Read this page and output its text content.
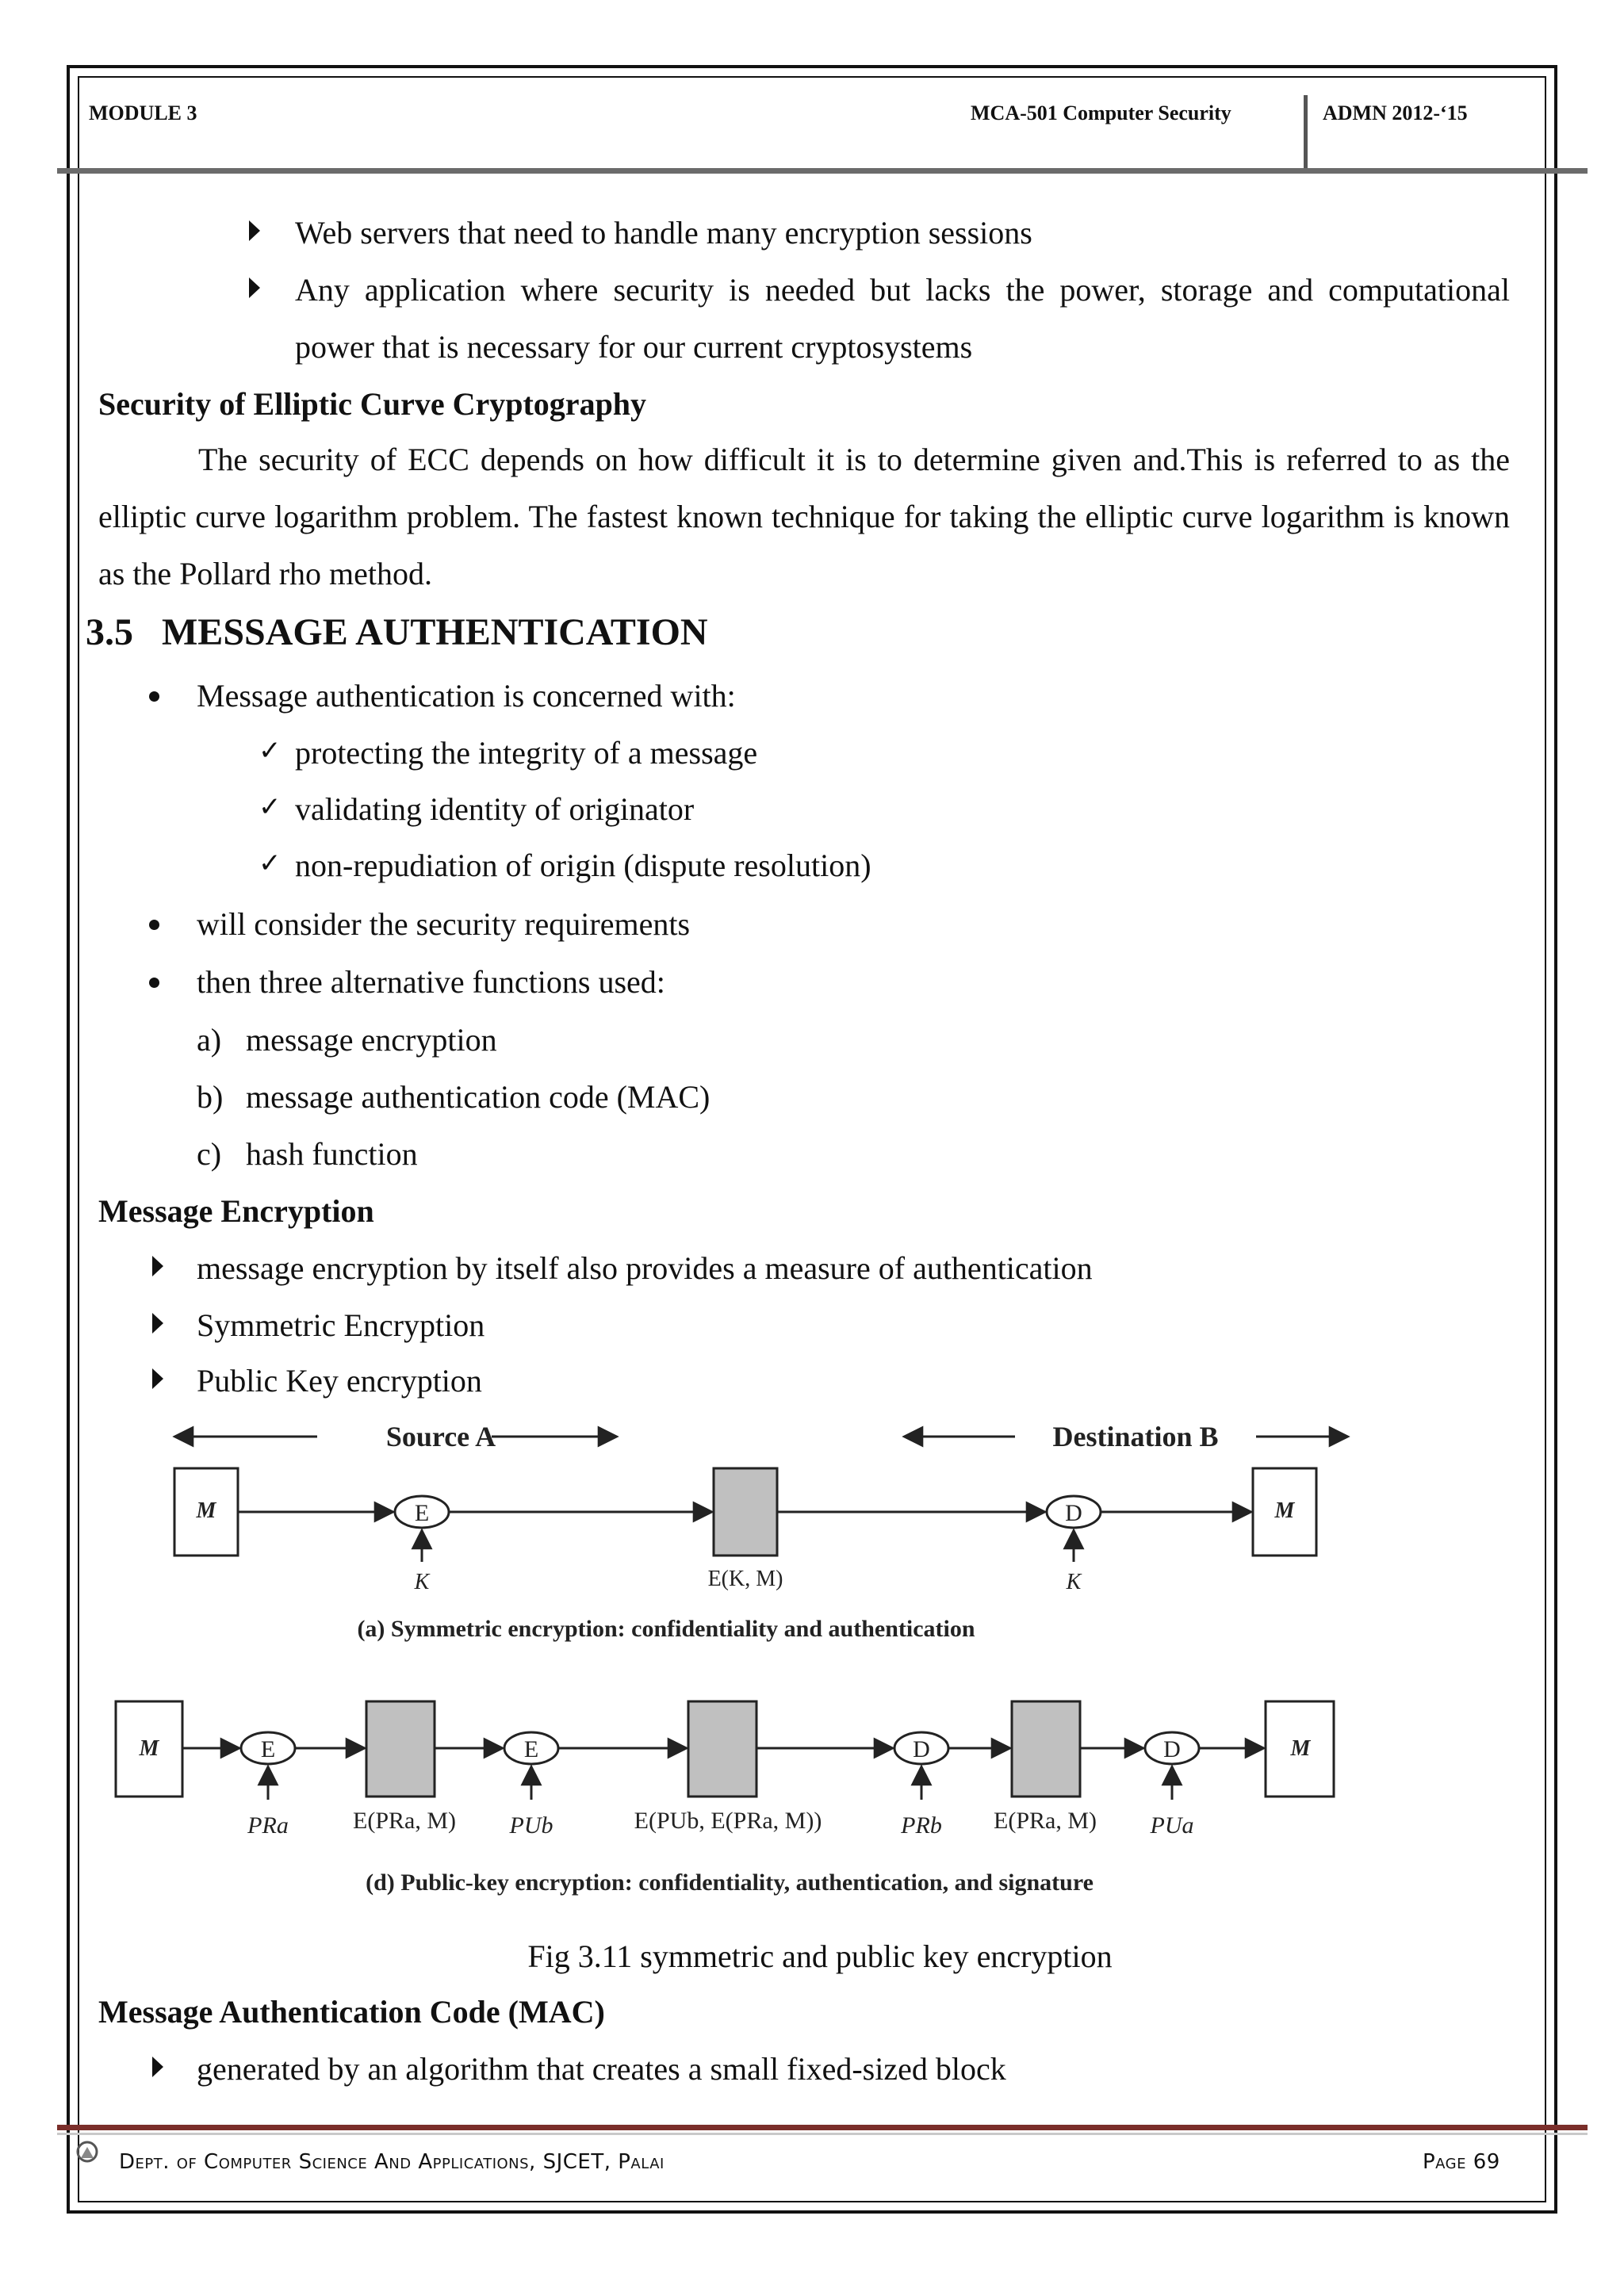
MODULE 3	MCA-501 Computer Security	ADMN 2012-‘15
Web servers that need to handle many encryption sessions
Any application where security is needed but lacks the power, storage and computational
power that is necessary for our current cryptosystems
Security of Elliptic Curve Cryptography
The security of ECC depends on how difficult it is to determine given and.This is referred to as the elliptic curve logarithm problem. The fastest known technique for taking the elliptic curve logarithm is known as the Pollard rho method.
3.5 MESSAGE AUTHENTICATION
Message authentication is concerned with:
✓ protecting the integrity of a message
✓ validating identity of originator
✓ non-repudiation of origin (dispute resolution)
will consider the security requirements
then three alternative functions used:
a) message encryption
b) message authentication code (MAC)
c) hash function
Message Encryption
message encryption by itself also provides a measure of authentication
Symmetric Encryption
Public Key encryption
Source A	Destination B
M	E
K	E(K, M)
D
K
M
(a) Symmetric encryption: confidentiality and authentication
M	E
PRa	E(PRa, M)
E
PUb	E(PUb, E(PRa, M))
D
PRb E(PRa, M)
D
PUa
M
(d) Public-key encryption: confidentiality, authentication, and signature
Fig 3.11 symmetric and public key encryption
Message Authentication Code (MAC)
generated by an algorithm that creates a small fixed-sized block
Dept. of Computer Science And Applications, SJCET, Palai	Page 69
